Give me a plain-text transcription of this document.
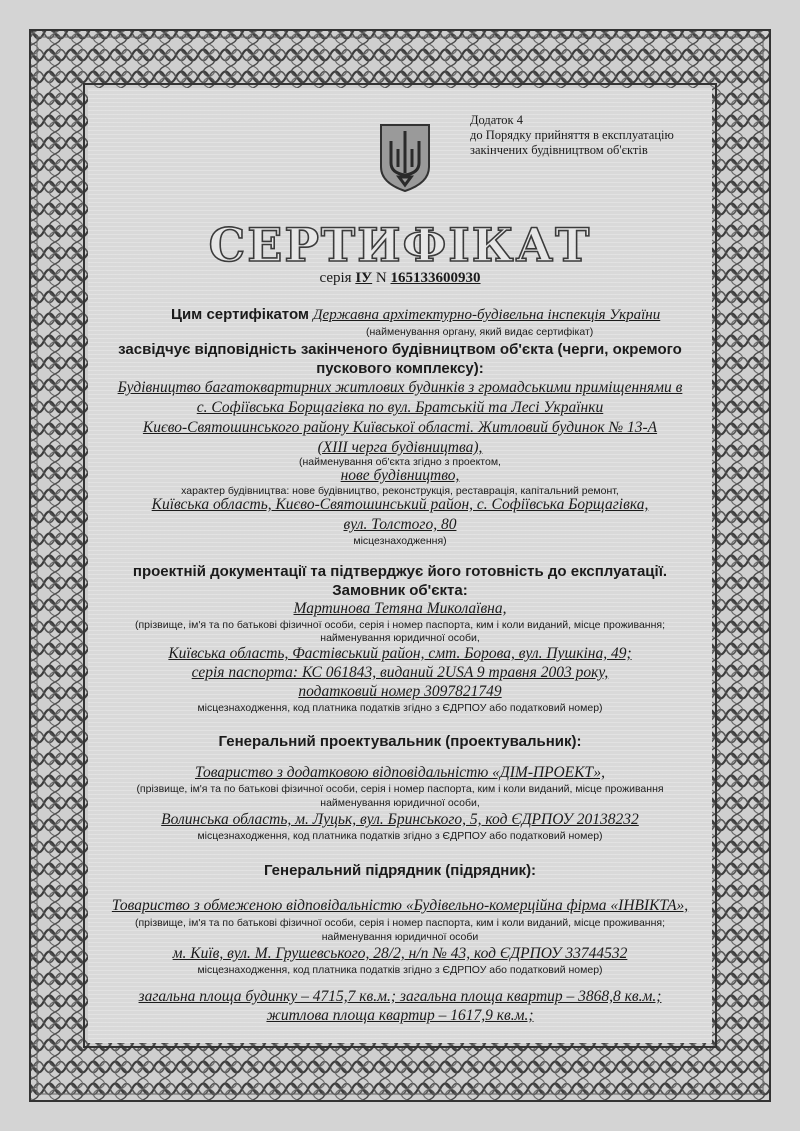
Додаток 4
до Порядку прийняття в експлуатацію
закінчених будівництвом об'єктів
СЕРТИФІКАТ
серія ІУ N 165133600930
Цим сертифікатом Державна архітектурно-будівельна інспекція України
(найменування органу, який видає сертифікат)
засвідчує відповідність закінченого будівництвом об'єкта (черги, окремого
пускового комплексу):
Будівництво багатоквартирних житлових будинків з громадськими приміщеннями в
с. Софіївська Борщагівка по вул. Братській та Лесі Українки
Києво-Святошинського району Київської області. Житловий будинок № 13-А
(XIII черга будівництва),
(найменування об'єкта згідно з проектом,
нове будівництво,
характер будівництва: нове будівництво, реконструкція, реставрація, капітальний ремонт,
Київська область, Києво-Святошинський район, с. Софіївська Борщагівка,
вул. Толстого, 80
місцезнаходження)
проектній документації та підтверджує його готовність до експлуатації.
Замовник об'єкта:
Мартинова Тетяна Миколаївна,
(прізвище, ім'я та по батькові фізичної особи, серія і номер паспорта, ким і коли виданий, місце проживання;
найменування юридичної особи,
Київська область, Фастівський район, смт. Борова, вул. Пушкіна, 49;
серія паспорта: КС 061843, виданий 2USA 9 травня 2003 року,
податковий номер 3097821749
місцезнаходження, код платника податків згідно з ЄДРПОУ або податковий номер)
Генеральний проектувальник (проектувальник):
Товариство з додатковою відповідальністю «ДІМ-ПРОЕКТ»,
(прізвище, ім'я та по батькові фізичної особи, серія і номер паспорта, ким і коли виданий, місце проживання
найменування юридичної особи,
Волинська область, м. Луцьк, вул. Бринського, 5, код ЄДРПОУ 20138232
місцезнаходження, код платника податків згідно з ЄДРПОУ або податковий номер)
Генеральний підрядник (підрядник):
Товариство з обмеженою відповідальністю «Будівельно-комерційна фірма «ІНВІКТА»,
(прізвище, ім'я та по батькові фізичної особи, серія і номер паспорта, ким і коли виданий, місце проживання;
найменування юридичної особи
м. Київ, вул. М. Грушевського, 28/2, н/п № 43, код ЄДРПОУ 33744532
місцезнаходження, код платника податків згідно з ЄДРПОУ або податковий номер)
загальна площа будинку – 4715,7 кв.м.; загальна площа квартир – 3868,8 кв.м.;
житлова площа квартир – 1617,9 кв.м.;
